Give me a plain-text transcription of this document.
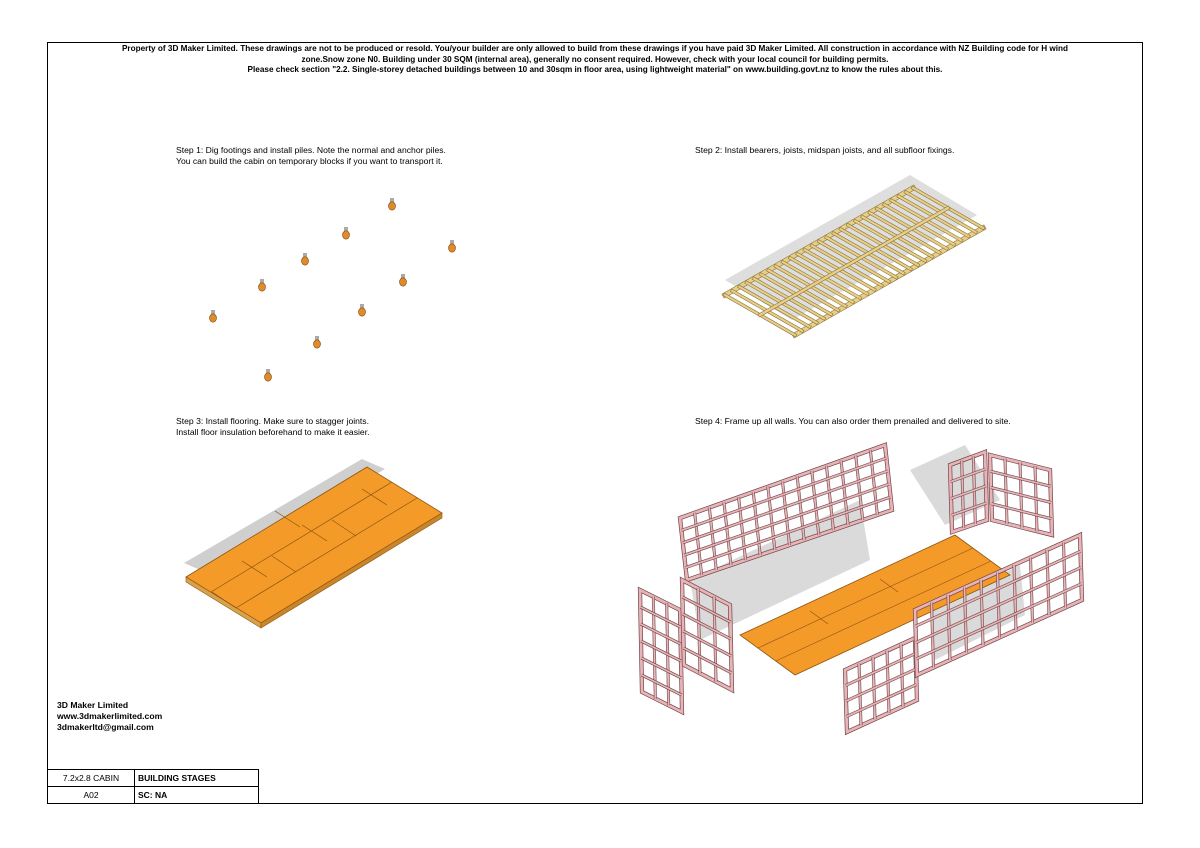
Property of 3D Maker Limited. These drawings are not to be produced or resold. You/your builder are only allowed to build from these drawings if you have paid 3D Maker Limited. All construction in accordance with NZ Building code for H wind
zone.Snow zone N0. Building under 30 SQM (internal area), generally no consent required. However, check with your local council for building permits.
Please check section "2.2. Single-storey detached buildings between 10 and 30sqm in floor area, using lightweight material" on www.building.govt.nz to know the rules about this.
Step 1: Dig footings and install piles. Note the normal and anchor piles.
You can build the cabin on temporary blocks if you want to transport it.
Step 2: Install bearers, joists, midspan joists, and all subfloor fixings.
Step 3: Install flooring. Make sure to stagger joints.
Install floor insulation beforehand to make it easier.
Step 4: Frame up all walls. You can also order them prenailed and delivered to site.
3D Maker Limited
www.3dmakerlimited.com
3dmakerltd@gmail.com
7.2x2.8 CABIN	BUILDING STAGES
A02	SC: NA
